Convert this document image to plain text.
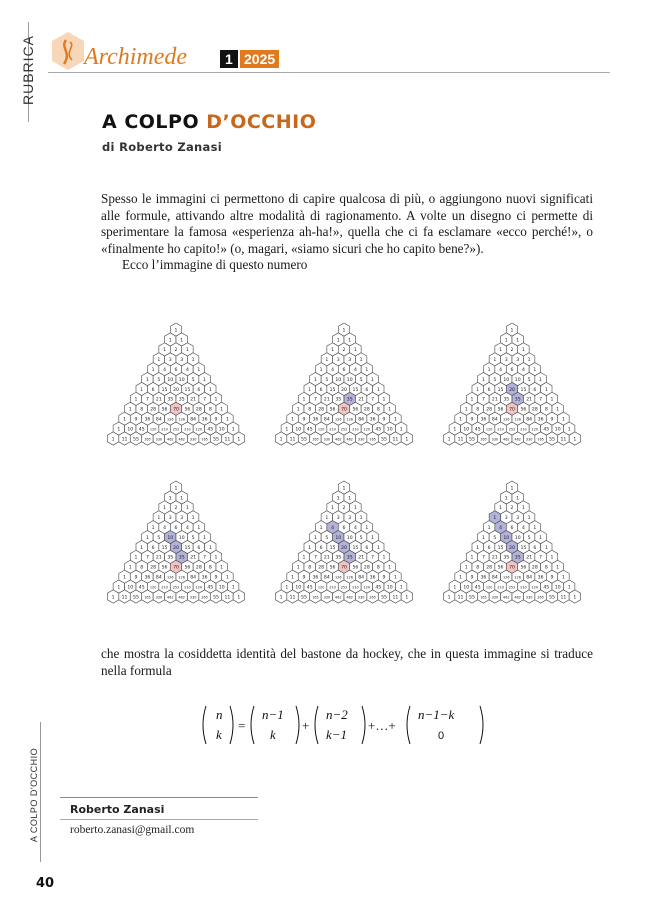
RUBRICA Archimede	1 2025
A COLPO D’OCCHIO
di Roberto Zanasi

Spesso le immagini ci permettono di capire qualcosa di più, o aggiungono nuovi significati alle formule, attivando altre modalità di ragionamento. A volte un disegno ci permette di sperimentare la famosa «esperienza ah-ha!», quella che ci fa esclamare «ecco perché!», o «finalmente ho capito!» (o, magari, «siamo sicuri che ho capito bene?»).

Ecco l’immagine di questo numero

1
1 1
1 2 1
1 3 3 1
1 4 6 4 1
1 5 10 10 5 1
1 6 15 20 15 6 1
1 7 21 35 35 21 7 1
1 8 28 56 70 56 28 8 1
1 9 36 84 126 126 84 36 9 1
1 10 45 120 210 252 210 120 45 10 1
1 11 55 165 330 462 462 330 165 55 11 1
1
1 1
1 2 1
1 3 3 1
1 4 6 4 1
1 5 10 10 5 1
1 6 15 20 15 6 1
1 7 21 35 35 21 7 1
1 8 28 56 70 56 28 8 1
1 9 36 84 126 126 84 36 9 1
1 10 45 120 210 252 210 120 45 10 1
1 11 55 165 330 462 462 330 165 55 11 1
1
1 1
1 2 1
1 3 3 1
1 4 6 4 1
1 5 10 10 5 1
1 6 15 20 15 6 1
1 7 21 35 35 21 7 1
1 8 28 56 70 56 28 8 1
1 9 36 84 126 126 84 36 9 1
1 10 45 120 210 252 210 120 45 10 1
1 11 55 165 330 462 462 330 165 55 11 1
1
1 1
1 2 1
1 3 3 1
1 4 6 4 1
1 5 10 10 5 1
1 6 15 20 15 6 1
1 7 21 35 35 21 7 1
1 8 28 56 70 56 28 8 1
1 9 36 84 126 126 84 36 9 1
1 10 45 120 210 252 210 120 45 10 1
1 11 55 165 330 462 462 330 165 55 11 1
1
1 1
1 2 1
1 3 3 1
1 4 6 4 1
1 5 10 10 5 1
1 6 15 20 15 6 1
1 7 21 35 35 21 7 1
1 8 28 56 70 56 28 8 1
1 9 36 84 126 126 84 36 9 1
1 10 45 120 210 252 210 120 45 10 1
1 11 55 165 330 462 462 330 165 55 11 1
1
1 1
1 2 1
1 3 3 1
1 4 6 4 1
1 5 10 10 5 1
1 6 15 20 15 6 1
1 7 21 35 35 21 7 1
1 8 28 56 70 56 28 8 1
1 9 36 84 126 126 84 36 9 1
1 10 45 120 210 252 210 120 45 10 1
1 11 55 165 330 462 462 330 165 55 11 1
che mostra la cosiddetta identità del bastone da hockey, che in questa immagine si traduce nella formula
n
k
=
n−1
k
+
n−2
k−1
+…+
n−1−k
0
A COLPO D'OCCHIO	Roberto Zanasi
roberto.zanasi@gmail.com
40
